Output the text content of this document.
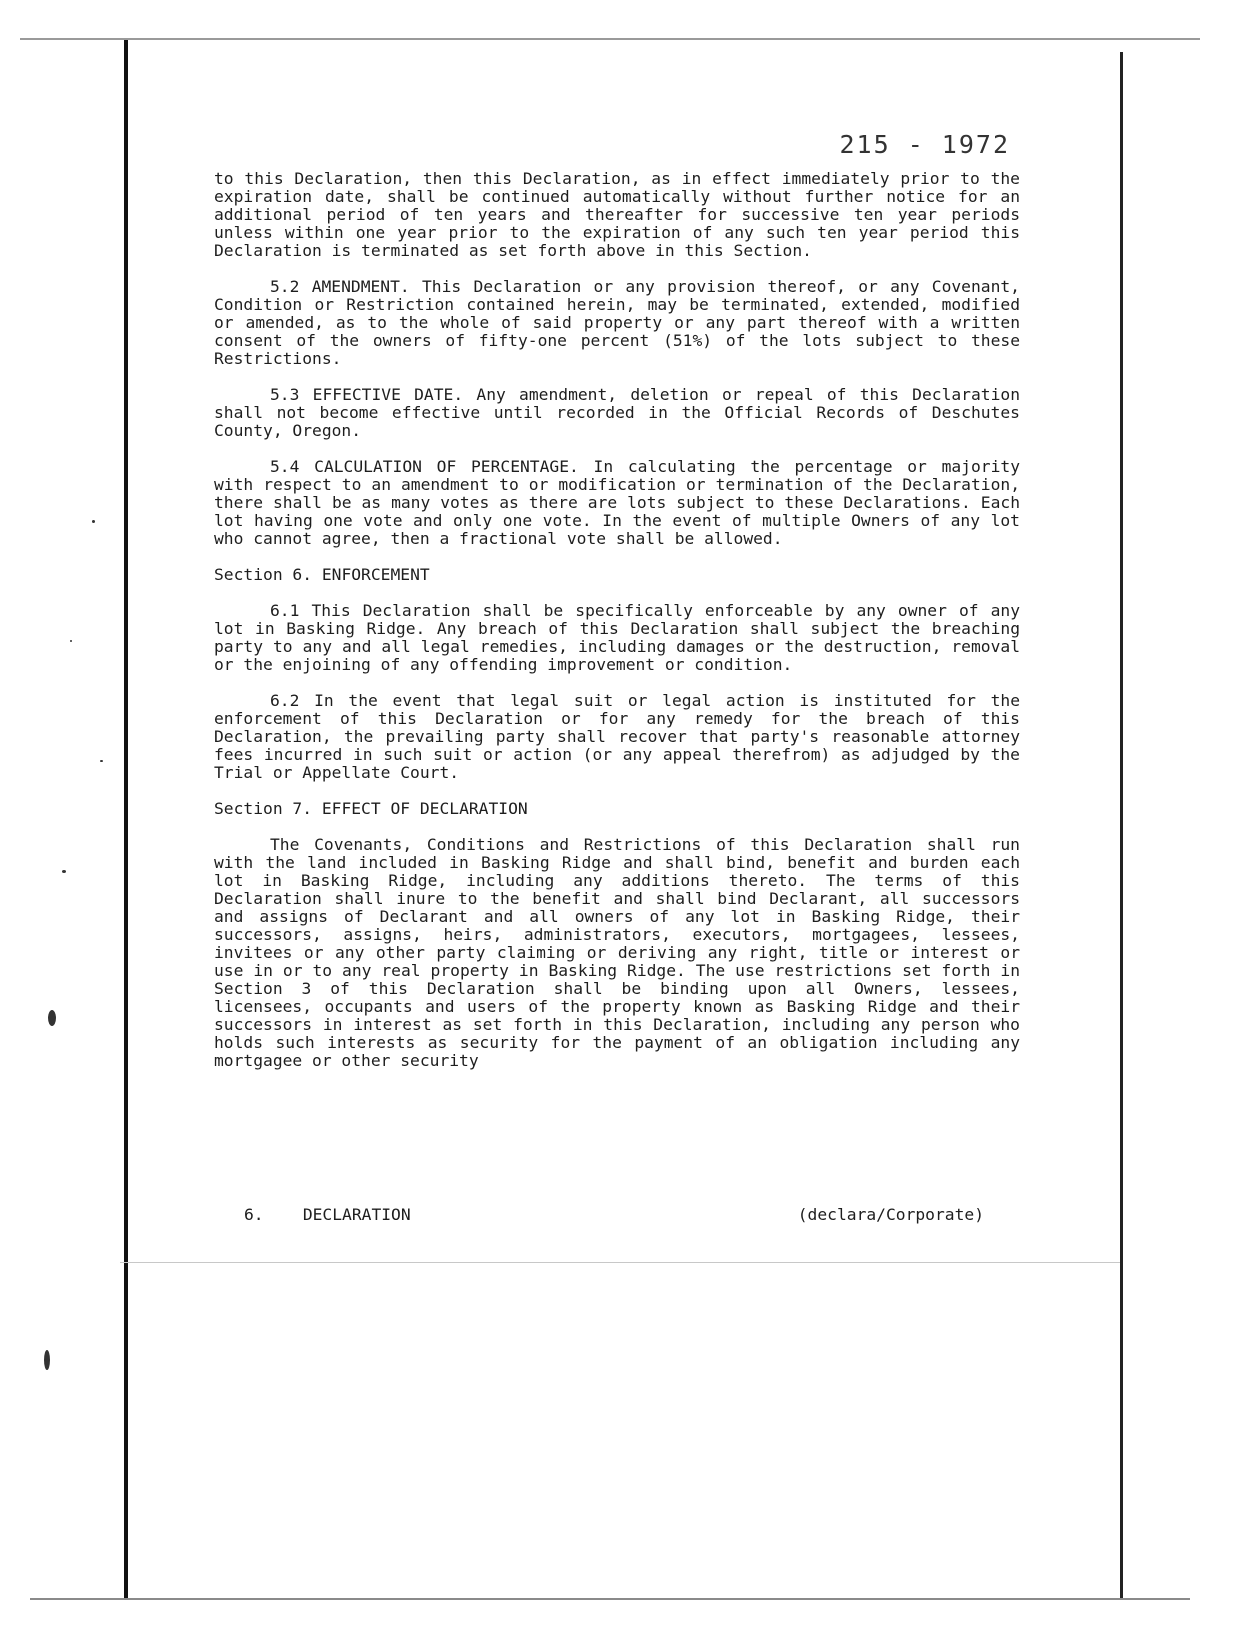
215 - 1972

to this Declaration, then this Declaration, as in effect immediately prior to the expiration date, shall be continued automatically without further notice for an additional period of ten years and thereafter for successive ten year periods unless within one year prior to the expiration of any such ten year period this Declaration is terminated as set forth above in this Section.

5.2 AMENDMENT. This Declaration or any provision thereof, or any Covenant, Condition or Restriction contained herein, may be terminated, extended, modified or amended, as to the whole of said property or any part thereof with a written consent of the owners of fifty-one percent (51%) of the lots subject to these Restrictions.

5.3 EFFECTIVE DATE. Any amendment, deletion or repeal of this Declaration shall not become effective until recorded in the Official Records of Deschutes County, Oregon.

5.4 CALCULATION OF PERCENTAGE. In calculating the percentage or majority with respect to an amendment to or modification or termination of the Declaration, there shall be as many votes as there are lots subject to these Declarations. Each lot having one vote and only one vote. In the event of multiple Owners of any lot who cannot agree, then a fractional vote shall be allowed.

Section 6. ENFORCEMENT

6.1 This Declaration shall be specifically enforceable by any owner of any lot in Basking Ridge. Any breach of this Declaration shall subject the breaching party to any and all legal remedies, including damages or the destruction, removal or the enjoining of any offending improvement or condition.

6.2 In the event that legal suit or legal action is instituted for the enforcement of this Declaration or for any remedy for the breach of this Declaration, the prevailing party shall recover that party's reasonable attorney fees incurred in such suit or action (or any appeal therefrom) as adjudged by the Trial or Appellate Court.

Section 7. EFFECT OF DECLARATION

The Covenants, Conditions and Restrictions of this Declaration shall run with the land included in Basking Ridge and shall bind, benefit and burden each lot in Basking Ridge, including any additions thereto. The terms of this Declaration shall inure to the benefit and shall bind Declarant, all successors and assigns of Declarant and all owners of any lot in Basking Ridge, their successors, assigns, heirs, administrators, executors, mortgagees, lessees, invitees or any other party claiming or deriving any right, title or interest or use in or to any real property in Basking Ridge. The use restrictions set forth in Section 3 of this Declaration shall be binding upon all Owners, lessees, licensees, occupants and users of the property known as Basking Ridge and their successors in interest as set forth in this Declaration, including any person who holds such interests as security for the payment of an obligation including any mortgagee or other security

6. DECLARATION	(declara/Corporate)
